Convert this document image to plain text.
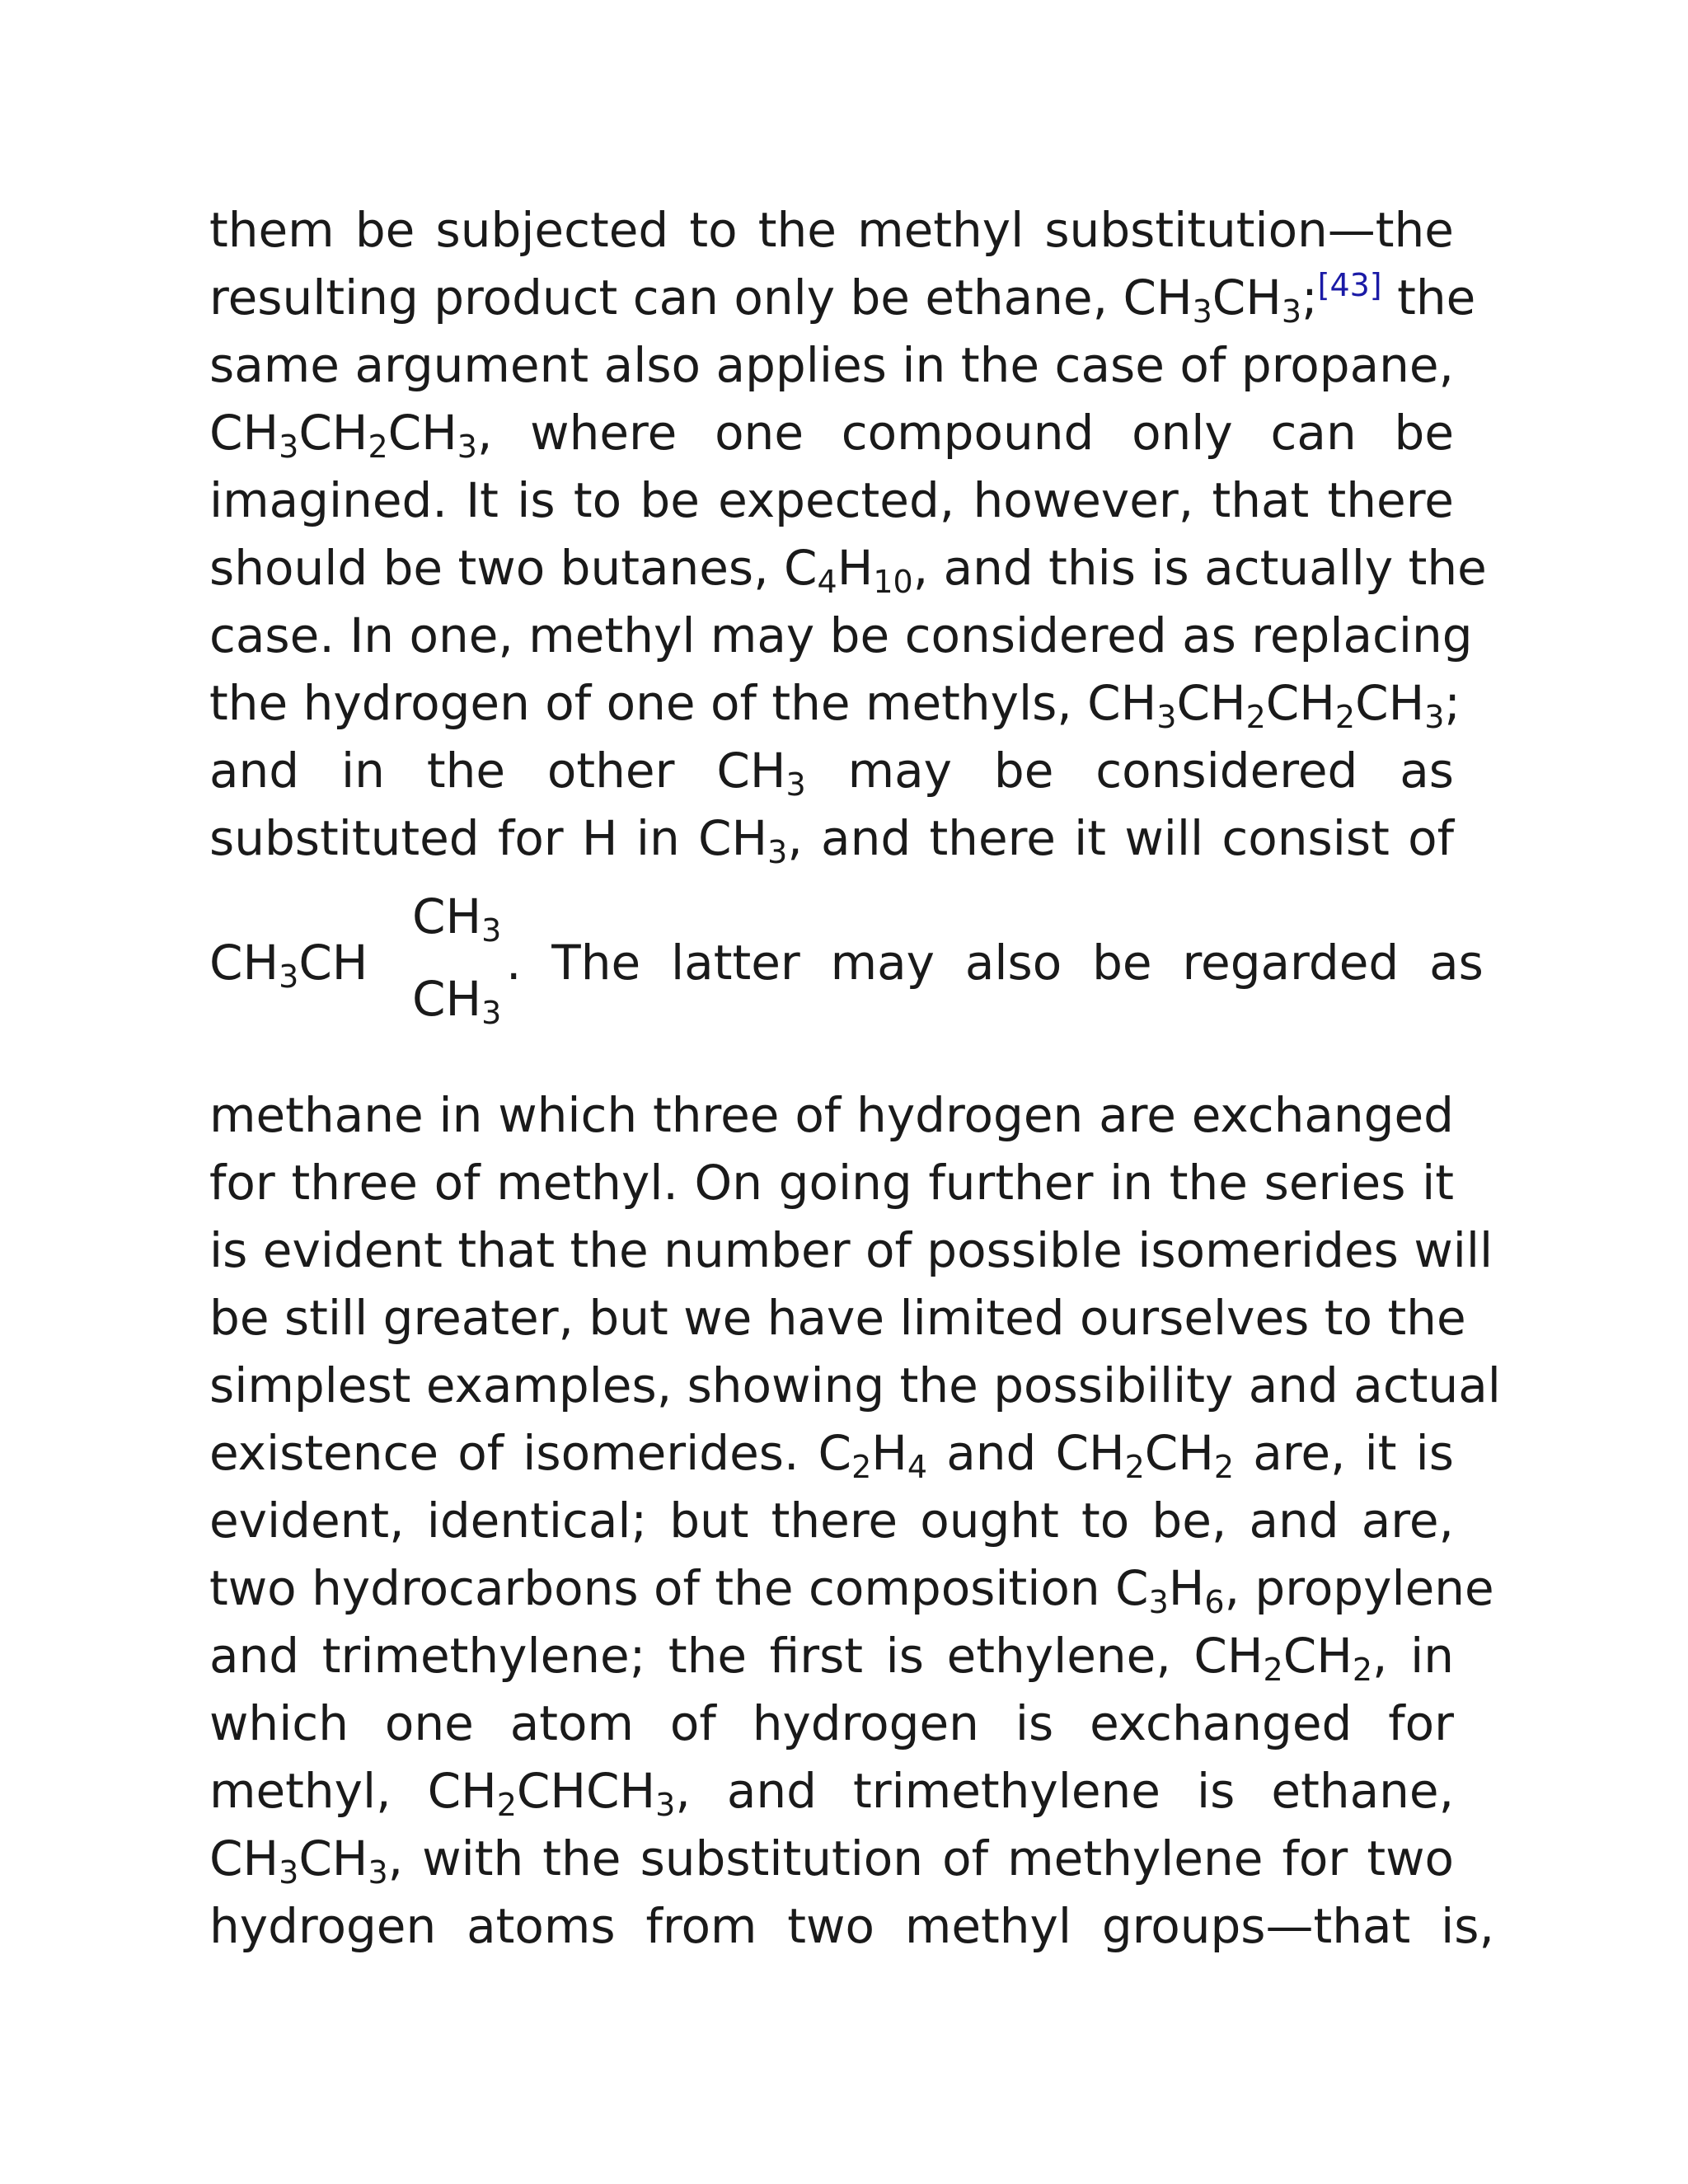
them be subjected to the methyl substitution—the
resulting product can only be ethane, $CH_3CH_3;[43]$ the
same argument also applies in the case of propane,
$CH_3CH_2CH_3$,  where  one  compound  only  can  be
imagined. It is to be expected, however, that there
should be two butanes, $C_4H_{10}$, and this is actually the
case. In one, methyl may be considered as replacing
the hydrogen of one of the methyls, $CH_3CH_2CH_2CH_3$;
and  in  the  other  $CH_3$  may  be  considered  as
substituted for H in $CH_3$, and there it will consist of
$CH_3CH$
$CH_3$
$CH_3$
.  The  latter  may  also  be  regarded  as
methane in which three of hydrogen are exchanged
for three of methyl. On going further in the series it
is evident that the number of possible isomerides will
be still greater, but we have limited ourselves to the
simplest examples, showing the possibility and actual
existence of isomerides. $C_2H_4$ and $CH_2CH_2$ are, it is
evident, identical; but there ought to be, and are,
two hydrocarbons of the composition $C_3H_6$, propylene
and trimethylene; the first is ethylene, $CH_2CH_2$, in
which  one  atom  of  hydrogen  is  exchanged  for
methyl,  $CH_2CHCH_3$,  and  trimethylene  is  ethane,
$CH_3CH_3$, with the substitution of methylene for two
hydrogen  atoms  from  two  methyl  groups—that  is,
